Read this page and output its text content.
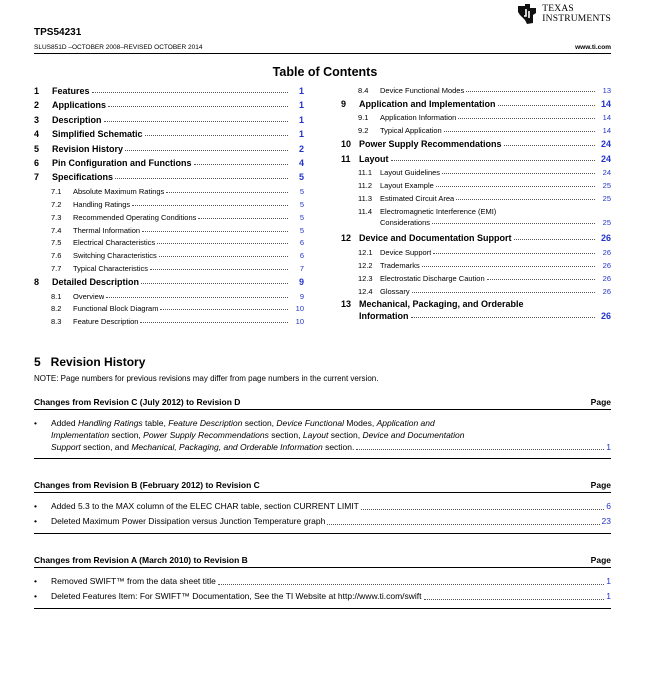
TPS54231
SLUS851D –OCTOBER 2008–REVISED OCTOBER 2014	www.ti.com
TEXAS
INSTRUMENTS
Table of Contents
1	Features	1
2	Applications	1
3	Description	1
4	Simplified Schematic	1
5	Revision History	2
6	Pin Configuration and Functions	4
7	Specifications	5
7.1	Absolute Maximum Ratings	5
7.2	Handling Ratings	5
7.3	Recommended Operating Conditions	5
7.4	Thermal Information	5
7.5	Electrical Characteristics	6
7.6	Switching Characteristics	6
7.7	Typical Characteristics	7
8	Detailed Description	9
8.1	Overview	9
8.2	Functional Block Diagram	10
8.3	Feature Description	10
8.4	Device Functional Modes	13
9	Application and Implementation	14
9.1	Application Information	14
9.2	Typical Application	14
10 Power Supply Recommendations	24
11 Layout	24
11.1	Layout Guidelines	24
11.2	Layout Example	25
11.3	Estimated Circuit Area	25
11.4	Electromagnetic Interference (EMI)
Considerations	25
12 Device and Documentation Support	26
12.1 Device Support	26
12.2 Trademarks	26
12.3 Electrostatic Discharge Caution	26
12.4 Glossary	26
13 Mechanical, Packaging, and Orderable
Information	26
5   Revision History
NOTE: Page numbers for previous revisions may differ from page numbers in the current version.
Changes from Revision C (July 2012) to Revision D	Page
• Added Handling Ratings table, Feature Description section, Device Functional Modes, Application and
Implementation section, Power Supply Recommendations section, Layout section, Device and Documentation
Support section, and Mechanical, Packaging, and Orderable Information section.	1
Changes from Revision B (February 2012) to Revision C	Page
• Added 5.3 to the MAX column of the ELEC CHAR table, section CURRENT LIMIT	6
• Deleted Maximum Power Dissipation versus Junction Temperature graph	23
Changes from Revision A (March 2010) to Revision B	Page
• Removed SWIFT™ from the data sheet title	1
• Deleted Features Item: For SWIFT™ Documentation, See the TI Website at http://www.ti.com/swift	1
